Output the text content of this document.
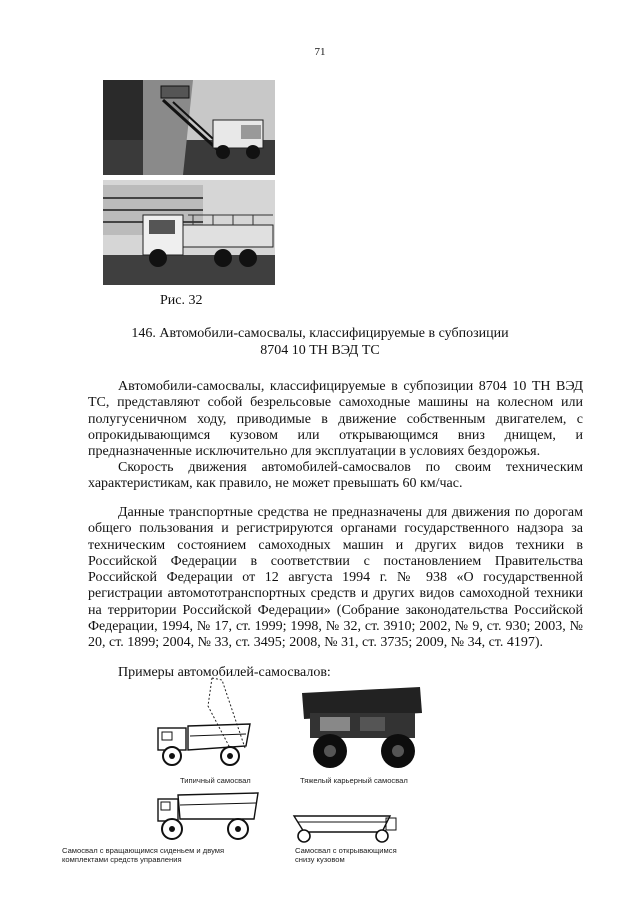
71
Рис. 32
146. Автомобили-самосвалы, классифицируемые в субпозиции
8704 10 ТН ВЭД ТС
Автомобили-самосвалы, классифицируемые в субпозиции 8704 10 ТН ВЭД ТС, представляют собой безрельсовые самоходные машины на колесном или полугусеничном ходу, приводимые в движение собственным двигателем, с опрокидывающимся кузовом или открывающимся вниз днищем, и предназначенные исключительно для эксплуатации в условиях бездорожья.
Скорость движения автомобилей-самосвалов по своим техническим характеристикам, как правило, не может превышать 60 км/час.
Данные транспортные средства не предназначены для движения по дорогам общего пользования и регистрируются органами государственного надзора за техническим состоянием самоходных машин и других видов техники в Российской Федерации в соответствии с постановлением Правительства Российской Федерации от 12 августа 1994 г. № 938 «О государственной регистрации автомототранспортных средств и других видов самоходной техники на территории Российской Федерации» (Собрание законодательства Российской Федерации, 1994, № 17, ст. 1999; 1998, № 32, ст. 3910; 2002, № 9, ст. 930; 2003, № 20, ст. 1899; 2004, № 33, ст. 3495; 2008, № 31, ст. 3735; 2009, № 34, ст. 4197).
Примеры автомобилей-самосвалов:
Типичный самосвал	Тяжелый карьерный самосвал
Самосвал с вращающимся сиденьем и двумя
комплектами средств управления
Самосвал с открывающимся
снизу кузовом
